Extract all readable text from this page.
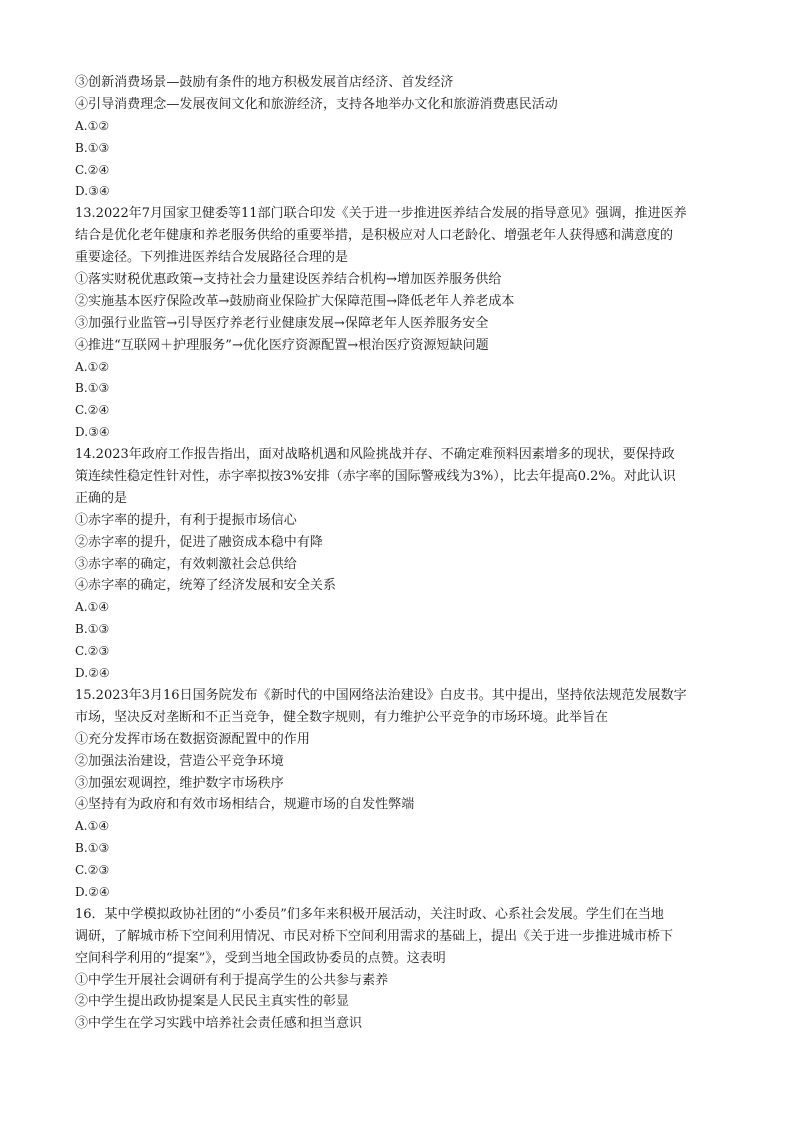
③创新消费场景—鼓励有条件的地方积极发展首店经济、首发经济
④引导消费理念—发展夜间文化和旅游经济，支持各地举办文化和旅游消费惠民活动
A.①②
B.①③
C.②④
D.③④
13.2022年7月国家卫健委等11部门联合印发《关于进一步推进医养结合发展的指导意见》强调，推进医养
结合是优化老年健康和养老服务供给的重要举措，是积极应对人口老龄化、增强老年人获得感和满意度的
重要途径。下列推进医养结合发展路径合理的是
①落实财税优惠政策→支持社会力量建设医养结合机构→增加医养服务供给
②实施基本医疗保险改革→鼓励商业保险扩大保障范围→降低老年人养老成本
③加强行业监管→引导医疗养老行业健康发展→保障老年人医养服务安全
④推进“互联网＋护理服务”→优化医疗资源配置→根治医疗资源短缺问题
A.①②
B.①③
C.②④
D.③④
14.2023年政府工作报告指出，面对战略机遇和风险挑战并存、不确定难预料因素增多的现状，要保持政
策连续性稳定性针对性，赤字率拟按3%安排（赤字率的国际警戒线为3%），比去年提高0.2%。对此认识
正确的是
①赤字率的提升，有利于提振市场信心
②赤字率的提升，促进了融资成本稳中有降
③赤字率的确定，有效刺激社会总供给
④赤字率的确定，统筹了经济发展和安全关系
A.①④
B.①③
C.②③
D.②④
15.2023年3月16日国务院发布《新时代的中国网络法治建设》白皮书。其中提出，坚持依法规范发展数字
市场，坚决反对垄断和不正当竞争，健全数字规则，有力维护公平竞争的市场环境。此举旨在
①充分发挥市场在数据资源配置中的作用
②加强法治建设，营造公平竞争环境
③加强宏观调控，维护数字市场秩序
④坚持有为政府和有效市场相结合，规避市场的自发性弊端
A.①④
B.①③
C.②③
D.②④
16．某中学模拟政协社团的“小委员”们多年来积极开展活动，关注时政、心系社会发展。学生们在当地
调研，了解城市桥下空间利用情况、市民对桥下空间利用需求的基础上，提出《关于进一步推进城市桥下
空间科学利用的“提案”》，受到当地全国政协委员的点赞。这表明
①中学生开展社会调研有利于提高学生的公共参与素养
②中学生提出政协提案是人民民主真实性的彰显
③中学生在学习实践中培养社会责任感和担当意识
